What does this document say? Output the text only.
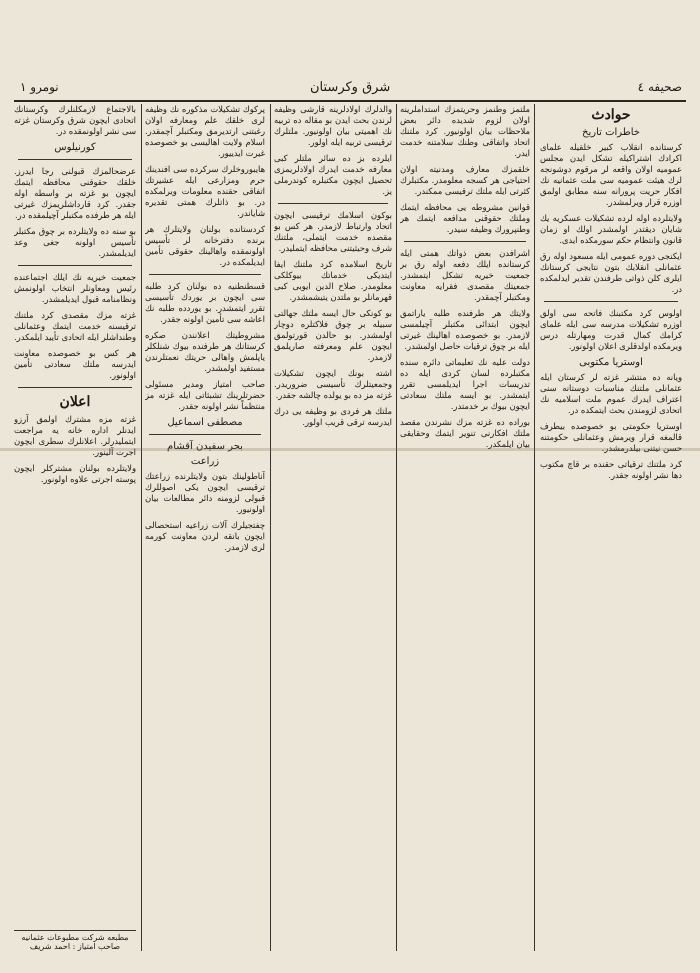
صحيفه ٤
شرق وكرستان
نومرو ١

حوادث

خاطرات تاريخ

كرستانده انقلاب كبير خلقيله علمای اكرادك اشتراكيله تشكل ايدن مجلس عموميه اولان واقعه لر مرقوم دوشونجه لرك هيئت عموميه سی ملت عثمانيه نك افكار حريت پرورانه سنه مطابق اولمق اوزره قرار ويرلمشدر.

ولايتلرده اوله لرده تشكيلات عسكريه يك شايان ديقتدر اولمشدر اولك او زمان قانون وانتظام حكم سورمكده ايدی.

ايكنجی دوره عمومی ايله مسعود اوله رق عثمانلی انقلابك بتون نتايجی كرستانك ايلری كلن ذواتی طرفندن تقدير ايدلمكده در.

اولوس كرد مكتبنك فاتحه سی اولق اوزره تشكيلات مدرسه سی ايله علمای كرامك كمال قدرت ومهارتله درس ويرمكده اولدقلری اعلان اولونور.

اوستريا مكتوبی

ويانه ده منتشر غزته لر كرستان ايله عثمانلی ملتنك مناسبات دوستانه سنی اعتراف ايدرك عموم ملت اسلاميه نك اتحادی لزومندن بحث ايتمكده در.

اوستريا حكومتی بو خصوصده بيطرف قالمغه قرار ويرمش وعثمانلی حكومتنه حسن نيتنی بيلدرمشدر.

كرد ملتنك ترقياتی حقنده بر قاچ مكتوب دها نشر اولونه جقدر.

ملتمز وطنمز وحريتمزك استداملرينه اولان لزوم شديده دائر بعض ملاحظات بيان اولونيور. كرد ملتنك اتحاد واتفاقی وطنك سلامتنه خدمت ايدر.

خلقمزك معارف ومدنيته اولان احتياجی هر كسجه معلومدر. مكتبلرك كثرتی ايله ملتك ترقيسی ممكندر.

قوانين مشروطه يی محافظه ايتمك وملتك حقوقنی مدافعه ايتمك هر وطنپرورك وظيفه سيدر.

اشرافدن بعض ذواتك همتی ايله كرستانده ايلك دفعه اوله رق بر جمعيت خيريه تشكل ايتمشدر. جمعيتك مقصدی فقرايه معاونت ومكتبلر آچمقدر.

ولايتك هر طرفنده طلبه ياراتمق ايچون ابتدائی مكتبلر آچيلمسی لازمدر. بو خصوصده اهالينك غيرتی ايله بر چوق ترقيات حاصل اولمشدر.

دولت عليه نك تعليماتی دائره سنده مكتبلرده لسان كردی ايله ده تدريسات اجرا ايديلمسی تقرر ايتمشدر. بو ايسه ملتك سعادتی ايچون بيوك بر خدمتدر.

بوراده ده غزته مزك نشرندن مقصد ملتك افكارنی تنوير ايتمك وحقايقی بيان ايلمكدر.

والدلرك اولادلرينه قارشی وظيفه لرندن بحث ايدن بو مقاله ده تربيه نك اهميتی بيان اولونيور. ملتلرك ترقيسی تربيه ايله اولور.

ايلرده بز ده سائر ملتلر كبی معارفه خدمت ايدرك اولادلريمزی تحصيل ايچون مكتبلره كوندرملی يز.

بوكون اسلامك ترقيسی ايچون اتحاد وارتباط لازمدر. هر كس بو مقصده خدمت ايتملی، ملتنك شرف وحيثيتنی محافظه ايتمليدر.

تاريخ اسلامده كرد ملتنك ايفا ايتديكی خدماتك بيوكلكی معلومدر. صلاح الدين ايوبی كبی قهرمانلر بو ملتدن يتيشمشدر.

بو كونكی حال ايسه ملتك جهالتی سبيله بر چوق فلاكتلره دوچار اولمشدر. بو حالدن قورتولمق ايچون علم ومعرفته صاريلمق لازمدر.

اشته بونك ايچون تشكيلات وجمعيتلرك تأسيسی ضروريدر. غزته مز ده بو يولده چالشه جقدر.

ملتك هر فردی بو وظيفه يی درك ايدرسه ترقی قريب اولور.

پركوك تشكيلات مذكوره نك وظيفه لری خلقك علم ومعارفه اولان رغبتنی ارتديرمق ومكتبلر آچمقدر. اسلام ولايت اهاليسی بو خصوصده غيرت ايدييور.

هايبوروخلرك سركرده سی افندينك حرم ومزارعی ايله عشيرتك اتفاقی حقنده معلومات ويرلمكده در. بو ذاتلرك همتی تقديره شاياندر.

كردستانده بولنان ولايتلرك هر برنده دفترخانه لر تأسيس اولونمقده واهالينك حقوقی تأمين ايديلمكده در.

قسطنطنيه ده بولنان كرد طلبه سی ايچون بر يوردك تأسيسی تقرر ايتمشدر. بو يوردده طلبه نك اعاشه سی تأمين اولونه جقدر.

مشروطيتك اعلانندن صكره كرستانك هر طرفنده بيوك شنلكلر ياپلمش واهالی حريتك نعمتلرندن مستفيد اولمشدر.

صاحب امتياز ومدير مسئولی حضرتلرينك تشبثاتی ايله غزته مز منتظماً نشر اولونه جقدر.

مصطفی اسماعيل

بحر سفيدن آقشام

زراعت

آناطولينك بتون ولايتلرنده زراعتك ترقيسی ايچون يكی اصوللرك قبولی لزومنه دائر مطالعات بيان اولونيور.

چفتجيلرك آلات زراعيه استحصالی ايچون بانقه لردن معاونت كورمه لری لازمدر.

بالاجتماع لازمكلنلرك وكرستانك اتحادی ايچون شرق وكرستان غزته سی نشر اولونمقده در.

كورنيلوس

عرضحالمزك قبولنی رجا ايدرز. خلقك حقوقنی محافظه ايتمك ايچون بو غزته بر واسطه اوله جقدر. كرد قارداشلريمزك غيرتی ايله هر طرفده مكتبلر آچيلمقده در.

بو سنه ده ولايتلرده بر چوق مكتبلر تأسيس اولونه جغی وعد ايديلمشدر.

جمعيت خيريه نك ايلك اجتماعنده رئيس ومعاونلر انتخاب اولونمش ونظامنامه قبول ايديلمشدر.

غزته مزك مقصدی كرد ملتنك ترقيسنه خدمت ايتمك وعثمانلی وطنداشلر ايله اتحادی تأييد ايلمكدر.

هر كس بو خصوصده معاونت ايدرسه ملتك سعادتی تأمين اولونور.

اعلان

غزته مزه مشترك اولمق آرزو ايدنلر اداره خانه يه مراجعت ايتمليدرلر. اعلانلرك سطری ايچون اجرت آلينور.

ولايتلرده بولنان مشتركلر ايچون پوسته اجرتی علاوه اولونور.

مطبعه شركت مطبوعات عثمانيه
صاحب امتياز : احمد شريف
